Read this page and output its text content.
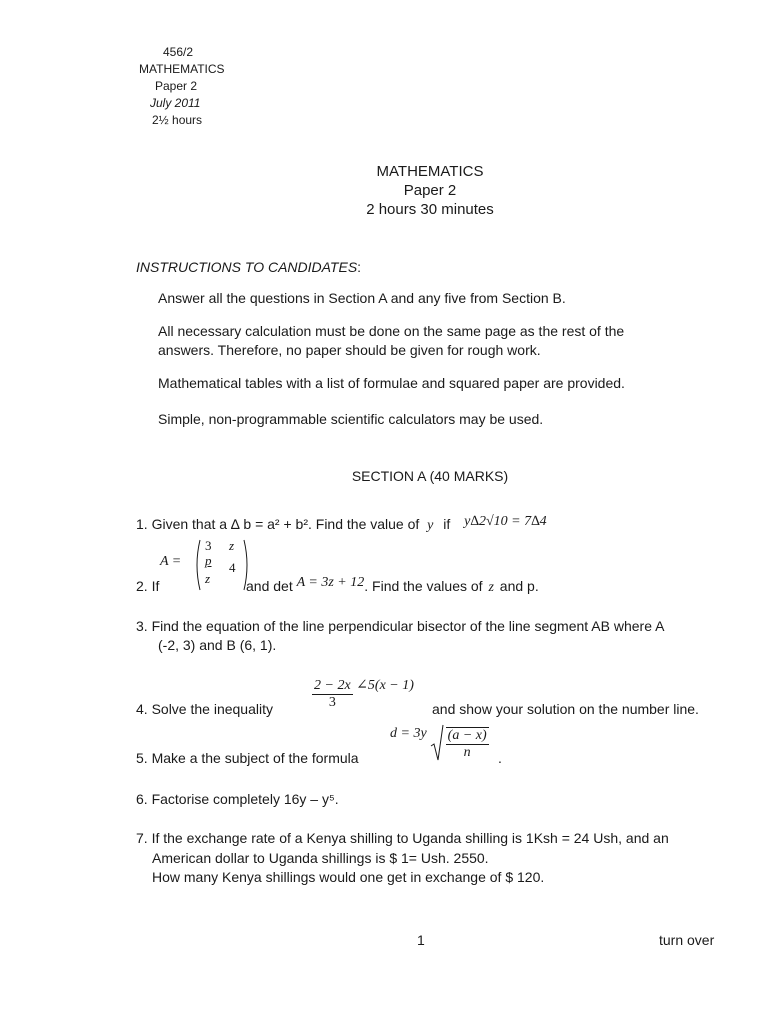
456/2
MATHEMATICS
Paper 2
July 2011
2½ hours
MATHEMATICS
Paper 2
2 hours 30 minutes
INSTRUCTIONS TO CANDIDATES:
Answer all the questions in Section A and any five from Section B.
All necessary calculation must be done on the same page as the rest of the
answers. Therefore, no paper should be given for rough work.
Mathematical tables with a list of formulae and squared paper are provided.
Simple, non-programmable scientific calculators may be used.
SECTION A (40 MARKS)
1. Given that a ∆ b = a² + b². Find the value of y if y∆2√10 = 7∆4
A =
3 z
p 4
z
2. If	and det A = 3z + 12. Find the values of z and p.
3. Find the equation of the line perpendicular bisector of the line segment AB where A
(-2, 3) and B (6, 1).
$\frac{2 - 2x}{3}$ ∠5(x − 1)
4. Solve the inequality	and show your solution on the number line.
5. Make a the subject of the formula
$d = 3y \frac{(a - x)}{n}$ .
6. Factorise completely 16y – y⁵.
7. If the exchange rate of a Kenya shilling to Uganda shilling is 1Ksh = 24 Ush, and an
American dollar to Uganda shillings is $ 1= Ush. 2550.
How many Kenya shillings would one get in exchange of $ 120.
1	turn over
